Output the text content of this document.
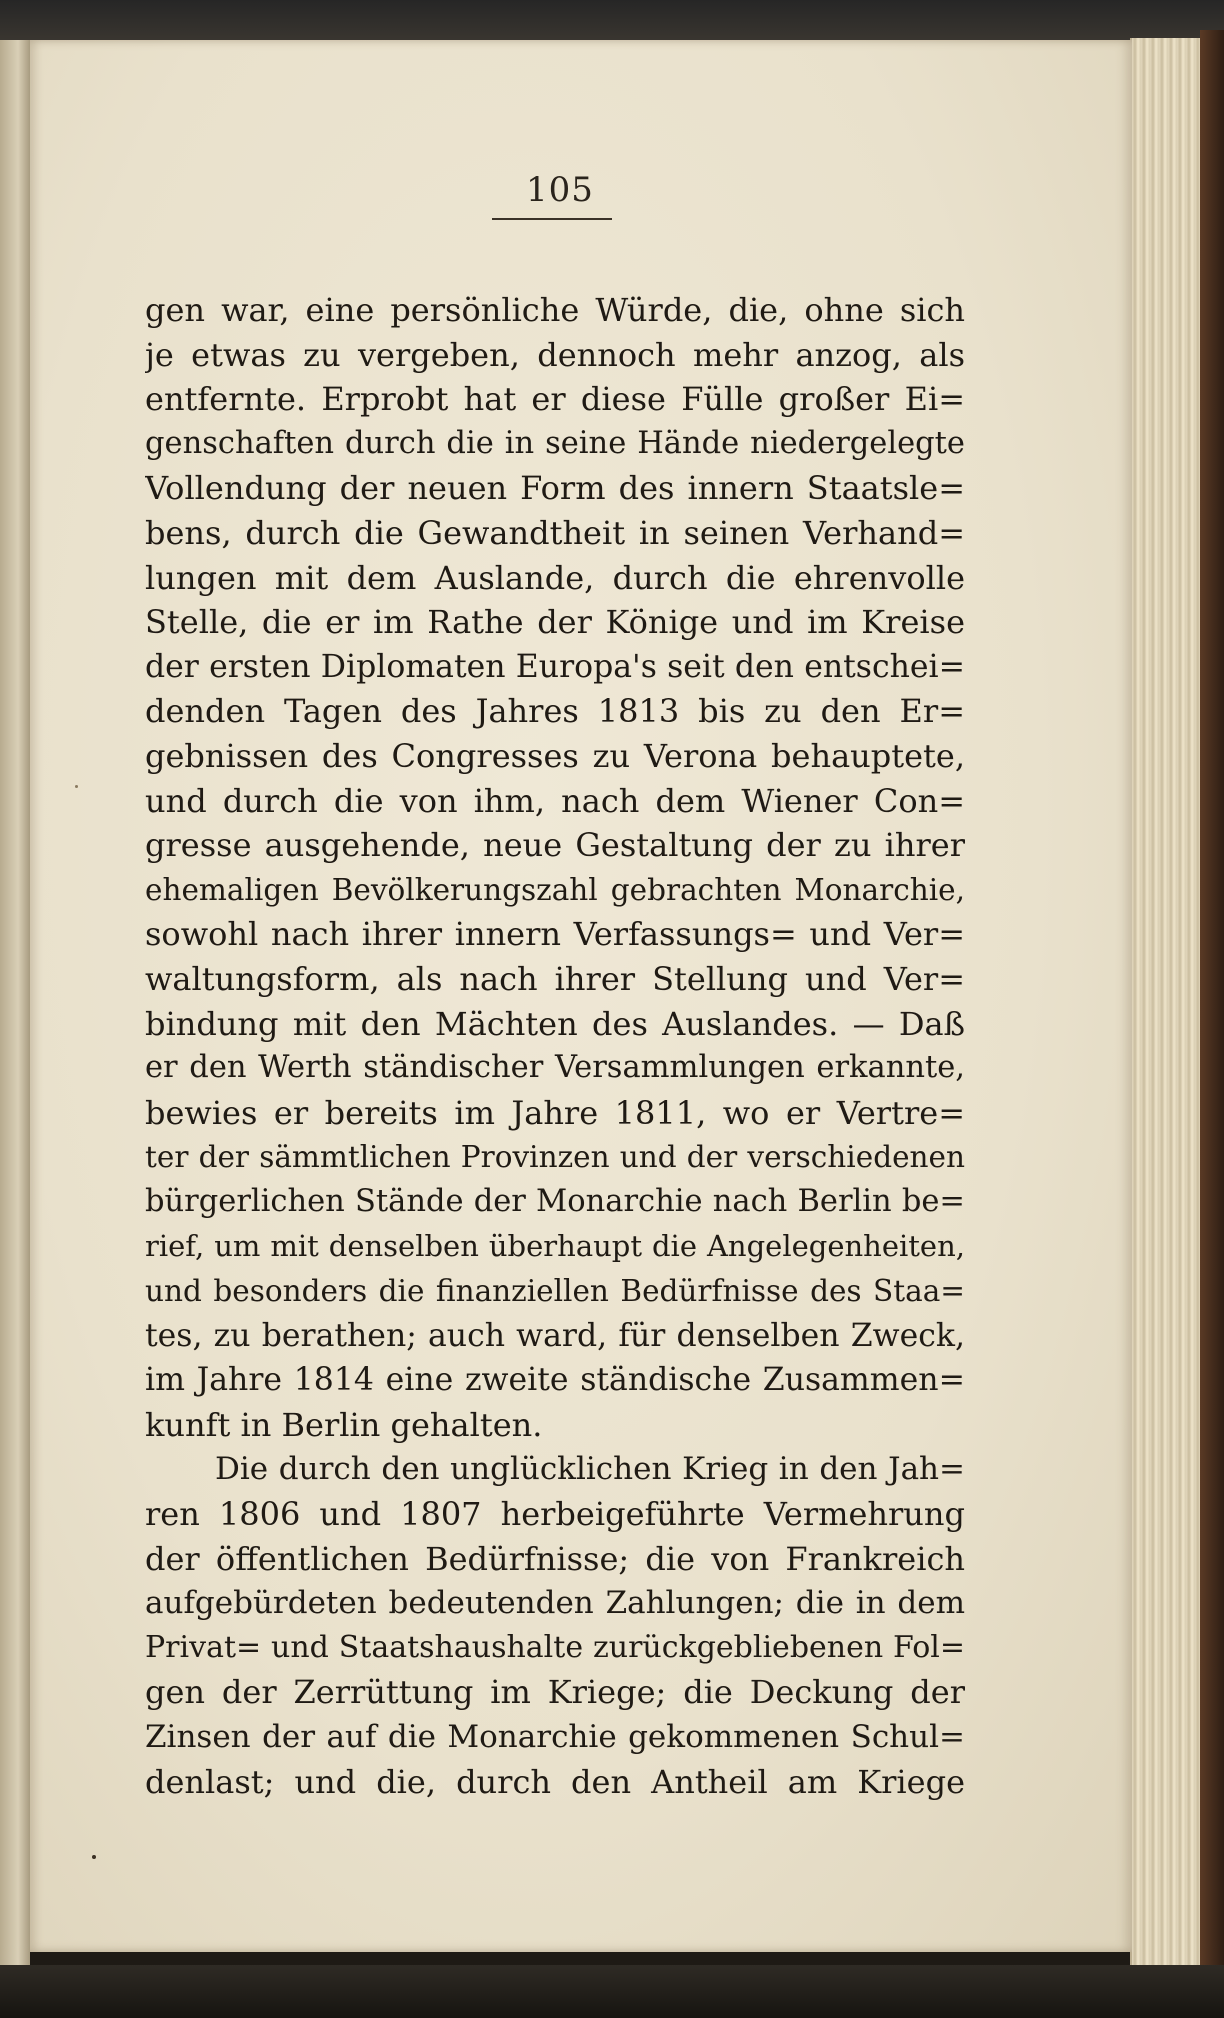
105
gen war, eine persönliche Würde, die, ohne sich
je etwas zu vergeben, dennoch mehr anzog, als
entfernte. Erprobt hat er diese Fülle großer Ei=
genschaften durch die in seine Hände niedergelegte
Vollendung der neuen Form des innern Staatsle=
bens, durch die Gewandtheit in seinen Verhand=
lungen mit dem Auslande, durch die ehrenvolle
Stelle, die er im Rathe der Könige und im Kreise
der ersten Diplomaten Europa's seit den entschei=
denden Tagen des Jahres 1813 bis zu den Er=
gebnissen des Congresses zu Verona behauptete,
und durch die von ihm, nach dem Wiener Con=
gresse ausgehende, neue Gestaltung der zu ihrer
ehemaligen Bevölkerungszahl gebrachten Monarchie,
sowohl nach ihrer innern Verfassungs= und Ver=
waltungsform, als nach ihrer Stellung und Ver=
bindung mit den Mächten des Auslandes. — Daß
er den Werth ständischer Versammlungen erkannte,
bewies er bereits im Jahre 1811, wo er Vertre=
ter der sämmtlichen Provinzen und der verschiedenen
bürgerlichen Stände der Monarchie nach Berlin be=
rief, um mit denselben überhaupt die Angelegenheiten,
und besonders die finanziellen Bedürfnisse des Staa=
tes, zu berathen; auch ward, für denselben Zweck,
im Jahre 1814 eine zweite ständische Zusammen=
kunft in Berlin gehalten.
Die durch den unglücklichen Krieg in den Jah=
ren 1806 und 1807 herbeigeführte Vermehrung
der öffentlichen Bedürfnisse; die von Frankreich
aufgebürdeten bedeutenden Zahlungen; die in dem
Privat= und Staatshaushalte zurückgebliebenen Fol=
gen der Zerrüttung im Kriege; die Deckung der
Zinsen der auf die Monarchie gekommenen Schul=
denlast; und die, durch den Antheil am Kriege
